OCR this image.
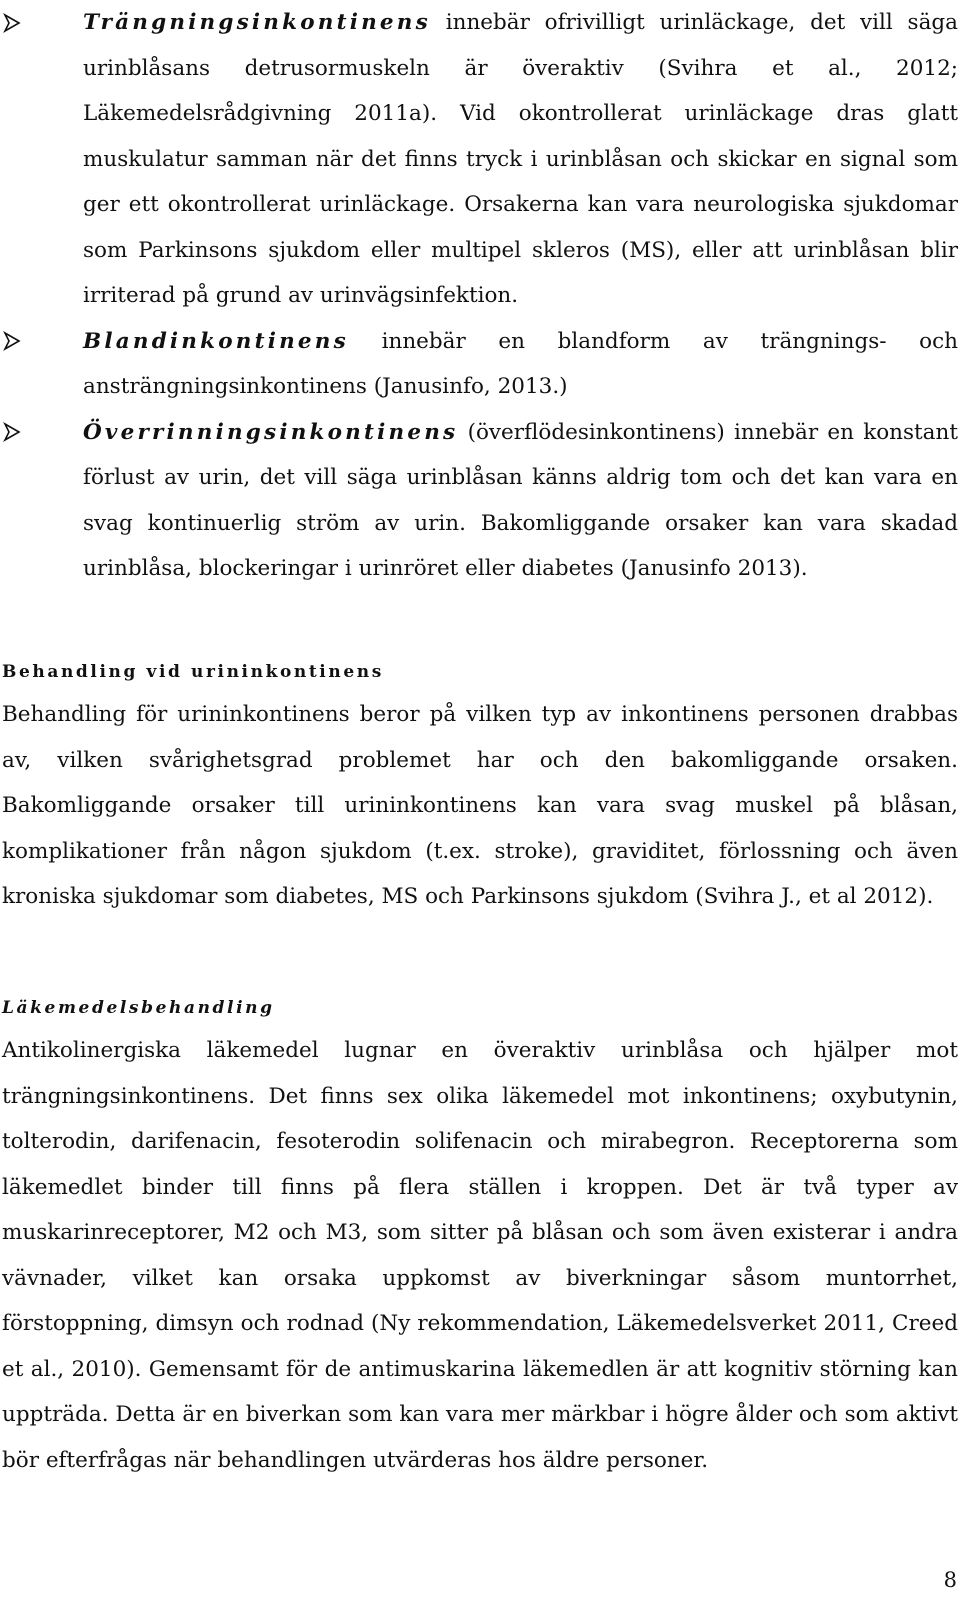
Trängningsinkontinens innebär ofrivilligt urinläckage, det vill säga urinblåsans detrusormuskeln är överaktiv (Svihra et al., 2012; Läkemedelsrådgivning 2011a). Vid okontrollerat urinläckage dras glatt muskulatur samman när det finns tryck i urinblåsan och skickar en signal som ger ett okontrollerat urinläckage. Orsakerna kan vara neurologiska sjukdomar som Parkinsons sjukdom eller multipel skleros (MS), eller att urinblåsan blir irriterad på grund av urinvägsinfektion.
Blandinkontinens innebär en blandform av trängnings- och ansträngningsinkontinens (Janusinfo, 2013.)
Överrinningsinkontinens (överflödesinkontinens) innebär en konstant förlust av urin, det vill säga urinblåsan känns aldrig tom och det kan vara en svag kontinuerlig ström av urin. Bakomliggande orsaker kan vara skadad urinblåsa, blockeringar i urinröret eller diabetes (Janusinfo 2013).
Behandling vid urininkontinens
Behandling för urininkontinens beror på vilken typ av inkontinens personen drabbas av, vilken svårighetsgrad problemet har och den bakomliggande orsaken. Bakomliggande orsaker till urininkontinens kan vara svag muskel på blåsan, komplikationer från någon sjukdom (t.ex. stroke), graviditet, förlossning och även kroniska sjukdomar som diabetes, MS och Parkinsons sjukdom (Svihra J., et al 2012).
Läkemedelsbehandling
Antikolinergiska läkemedel lugnar en överaktiv urinblåsa och hjälper mot trängningsinkontinens. Det finns sex olika läkemedel mot inkontinens; oxybutynin, tolterodin, darifenacin, fesoterodin solifenacin och mirabegron. Receptorerna som läkemedlet binder till finns på flera ställen i kroppen. Det är två typer av muskarinreceptorer, M2 och M3, som sitter på blåsan och som även existerar i andra vävnader, vilket kan orsaka uppkomst av biverkningar såsom muntorrhet, förstoppning, dimsyn och rodnad (Ny rekommendation, Läkemedelsverket 2011, Creed et al., 2010). Gemensamt för de antimuskarina läkemedlen är att kognitiv störning kan uppträda. Detta är en biverkan som kan vara mer märkbar i högre ålder och som aktivt bör efterfrågas när behandlingen utvärderas hos äldre personer.
8
